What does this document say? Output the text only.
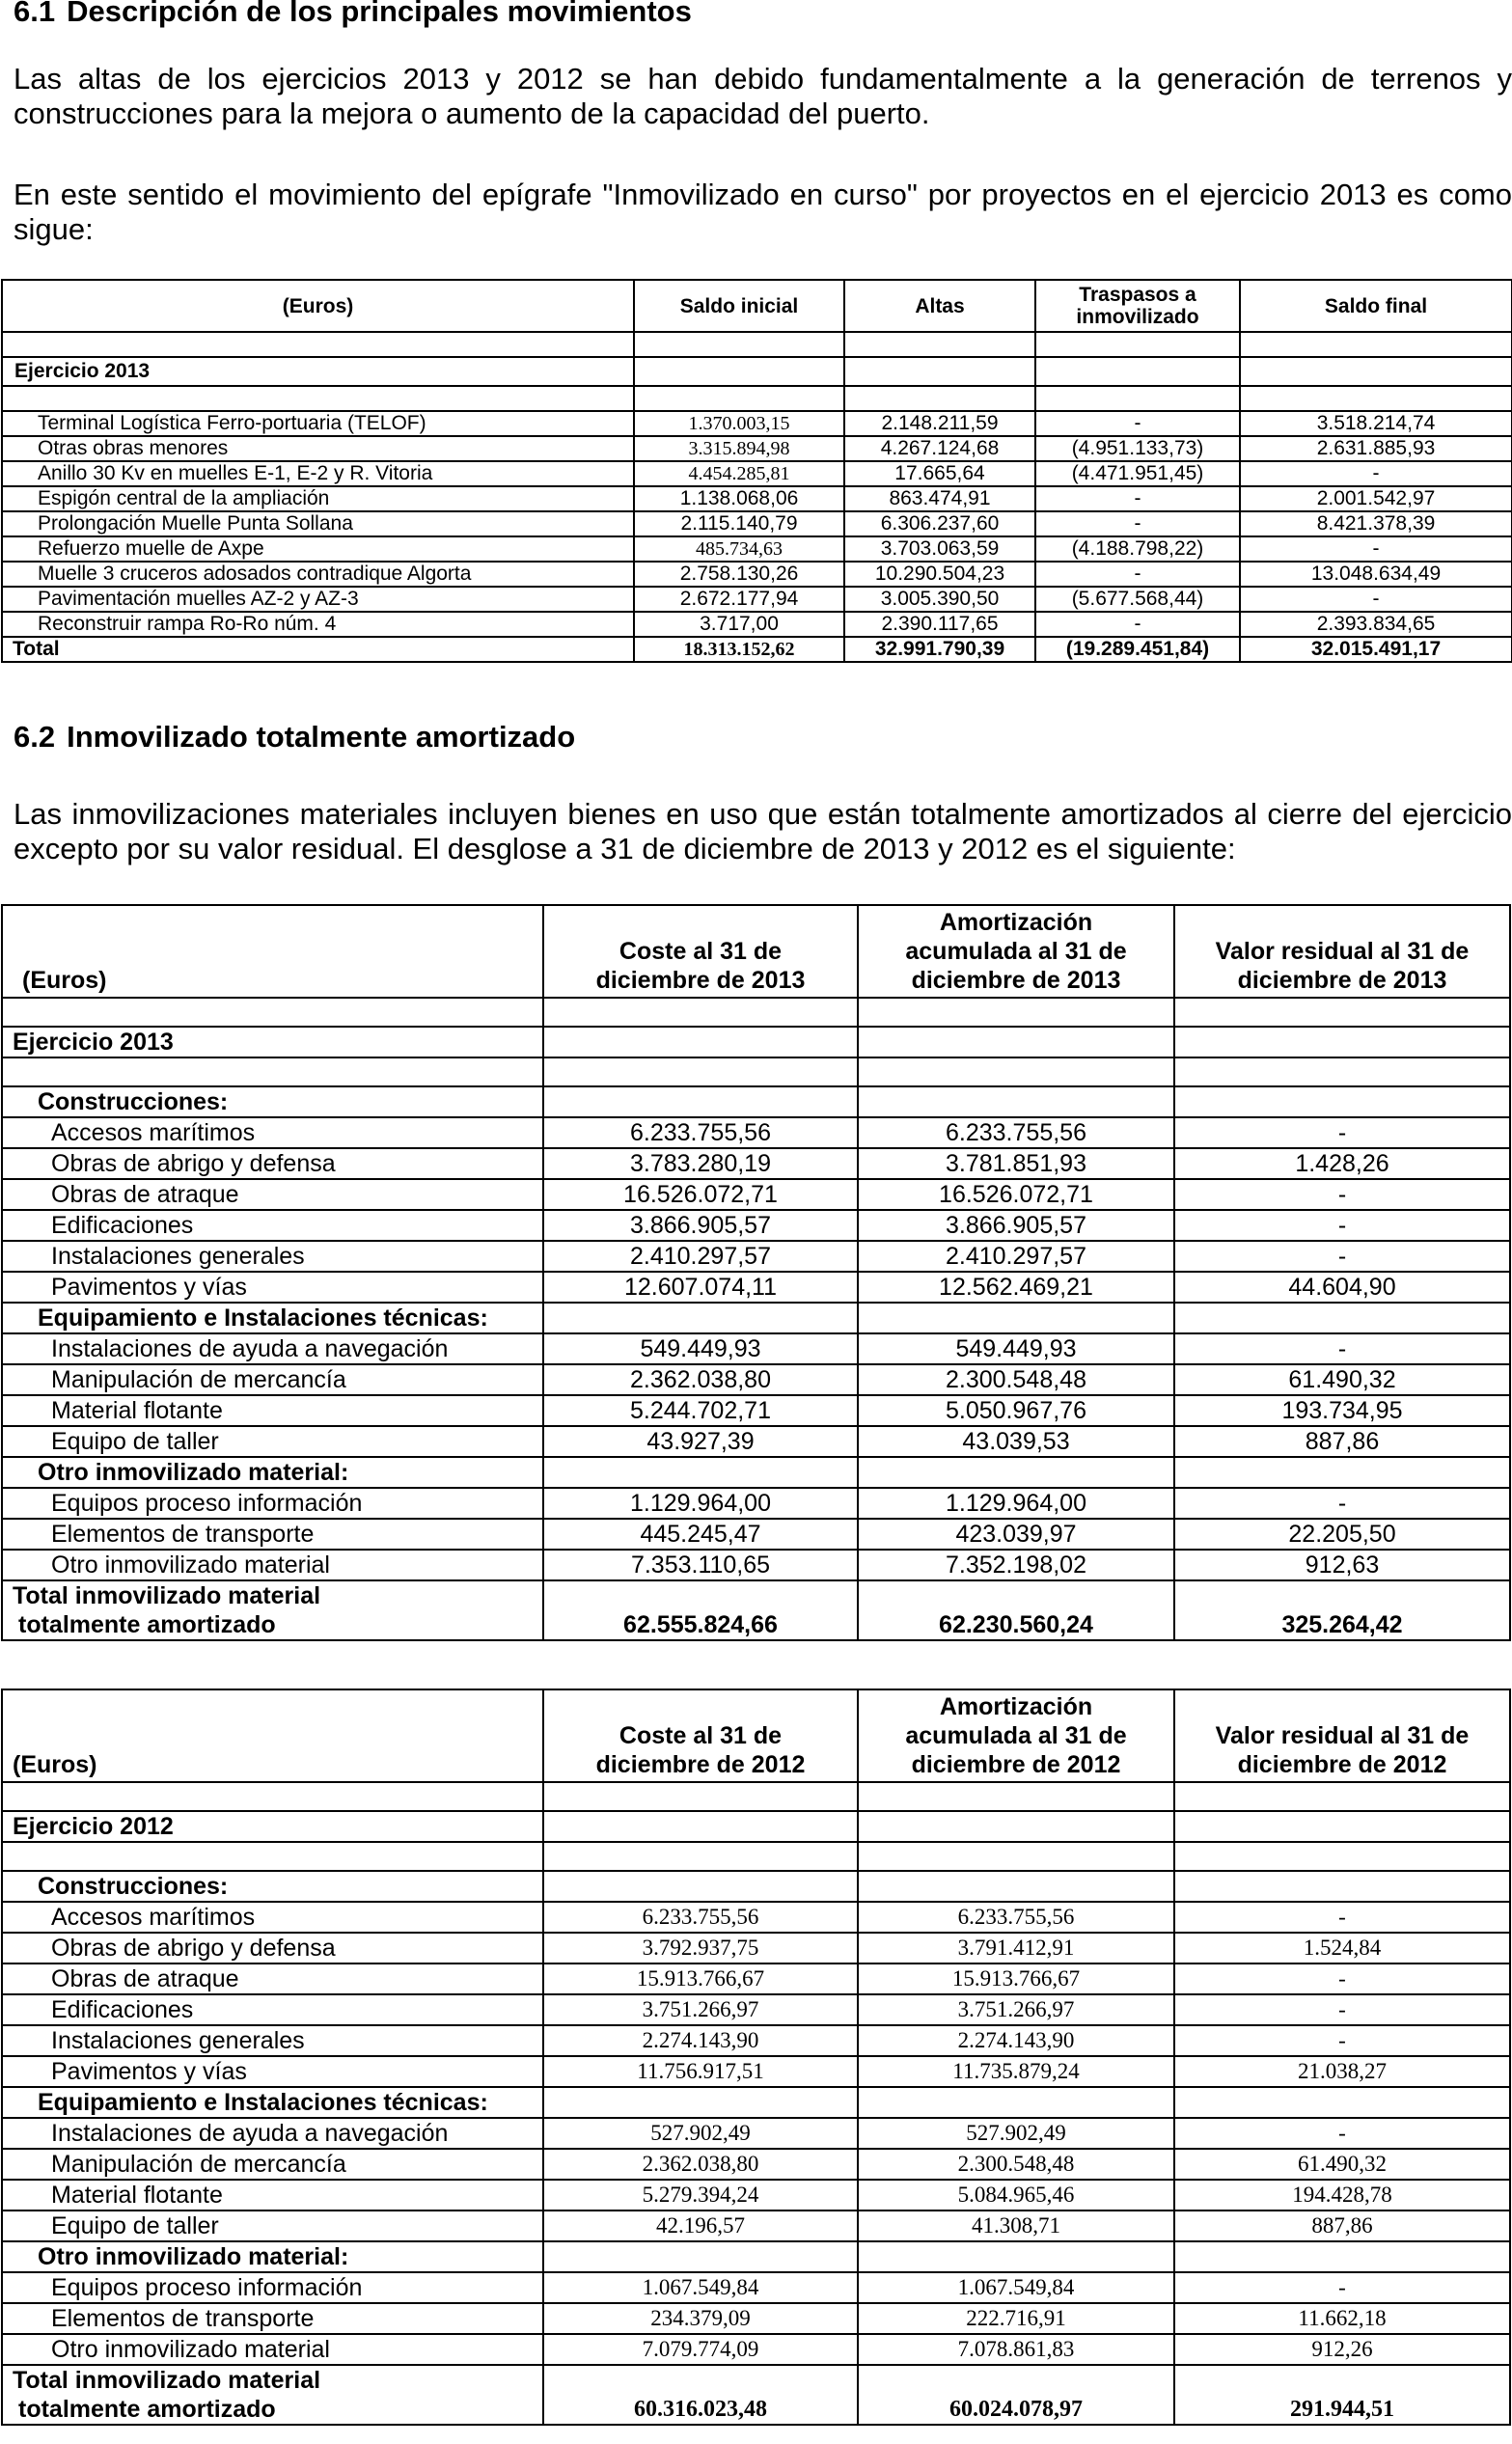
6.1 Descripción de los principales movimientos

Las altas de los ejercicios 2013 y 2012 se han debido fundamentalmente a la generación de terrenos y construcciones para la mejora o aumento de la capacidad del puerto.

En este sentido el movimiento del epígrafe "Inmovilizado en curso" por proyectos en el ejercicio 2013 es como sigue:

(Euros)	Saldo inicial	Altas	Traspasos a inmovilizado	Saldo final

Ejercicio 2013				

Terminal Logística Ferro-portuaria (TELOF)	1.370.003,15	2.148.211,59	-	3.518.214,74
Otras obras menores	3.315.894,98	4.267.124,68	(4.951.133,73)	2.631.885,93
Anillo 30 Kv en muelles E-1, E-2 y R. Vitoria	4.454.285,81	17.665,64	(4.471.951,45)	-
Espigón central de la ampliación	1.138.068,06	863.474,91	-	2.001.542,97
Prolongación Muelle Punta Sollana	2.115.140,79	6.306.237,60	-	8.421.378,39
Refuerzo muelle de Axpe	485.734,63	3.703.063,59	(4.188.798,22)	-
Muelle 3 cruceros adosados contradique Algorta	2.758.130,26	10.290.504,23	-	13.048.634,49
Pavimentación muelles AZ-2 y AZ-3	2.672.177,94	3.005.390,50	(5.677.568,44)	-
Reconstruir rampa Ro-Ro núm. 4	3.717,00	2.390.117,65	-	2.393.834,65
Total	18.313.152,62	32.991.790,39	(19.289.451,84)	32.015.491,17
6.2 Inmovilizado totalmente amortizado

Las inmovilizaciones materiales incluyen bienes en uso que están totalmente amortizados al cierre del ejercicio excepto por su valor residual. El desglose a 31 de diciembre de 2013 y 2012 es el siguiente:

(Euros)	Coste al 31 de diciembre de 2013	Amortización acumulada al 31 de diciembre de 2013	Valor residual al 31 de diciembre de 2013

Ejercicio 2013			

Construcciones:			
Accesos marítimos	6.233.755,56	6.233.755,56	-
Obras de abrigo y defensa	3.783.280,19	3.781.851,93	1.428,26
Obras de atraque	16.526.072,71	16.526.072,71	-
Edificaciones	3.866.905,57	3.866.905,57	-
Instalaciones generales	2.410.297,57	2.410.297,57	-
Pavimentos y vías	12.607.074,11	12.562.469,21	44.604,90
Equipamiento e Instalaciones técnicas:			
Instalaciones de ayuda a navegación	549.449,93	549.449,93	-
Manipulación de mercancía	2.362.038,80	2.300.548,48	61.490,32
Material flotante	5.244.702,71	5.050.967,76	193.734,95
Equipo de taller	43.927,39	43.039,53	887,86
Otro inmovilizado material:			
Equipos proceso información	1.129.964,00	1.129.964,00	-
Elementos de transporte	445.245,47	423.039,97	22.205,50
Otro inmovilizado material	7.353.110,65	7.352.198,02	912,63

Total inmovilizado material
totalmente amortizado	62.555.824,66	62.230.560,24	325.264,42
(Euros)	Coste al 31 de diciembre de 2012	Amortización acumulada al 31 de diciembre de 2012	Valor residual al 31 de diciembre de 2012

Ejercicio 2012			

Construcciones:			
Accesos marítimos	6.233.755,56	6.233.755,56	-
Obras de abrigo y defensa	3.792.937,75	3.791.412,91	1.524,84
Obras de atraque	15.913.766,67	15.913.766,67	-
Edificaciones	3.751.266,97	3.751.266,97	-
Instalaciones generales	2.274.143,90	2.274.143,90	-
Pavimentos y vías	11.756.917,51	11.735.879,24	21.038,27
Equipamiento e Instalaciones técnicas:			
Instalaciones de ayuda a navegación	527.902,49	527.902,49	-
Manipulación de mercancía	2.362.038,80	2.300.548,48	61.490,32
Material flotante	5.279.394,24	5.084.965,46	194.428,78
Equipo de taller	42.196,57	41.308,71	887,86
Otro inmovilizado material:			
Equipos proceso información	1.067.549,84	1.067.549,84	-
Elementos de transporte	234.379,09	222.716,91	11.662,18
Otro inmovilizado material	7.079.774,09	7.078.861,83	912,26

Total inmovilizado material
totalmente amortizado	60.316.023,48	60.024.078,97	291.944,51
